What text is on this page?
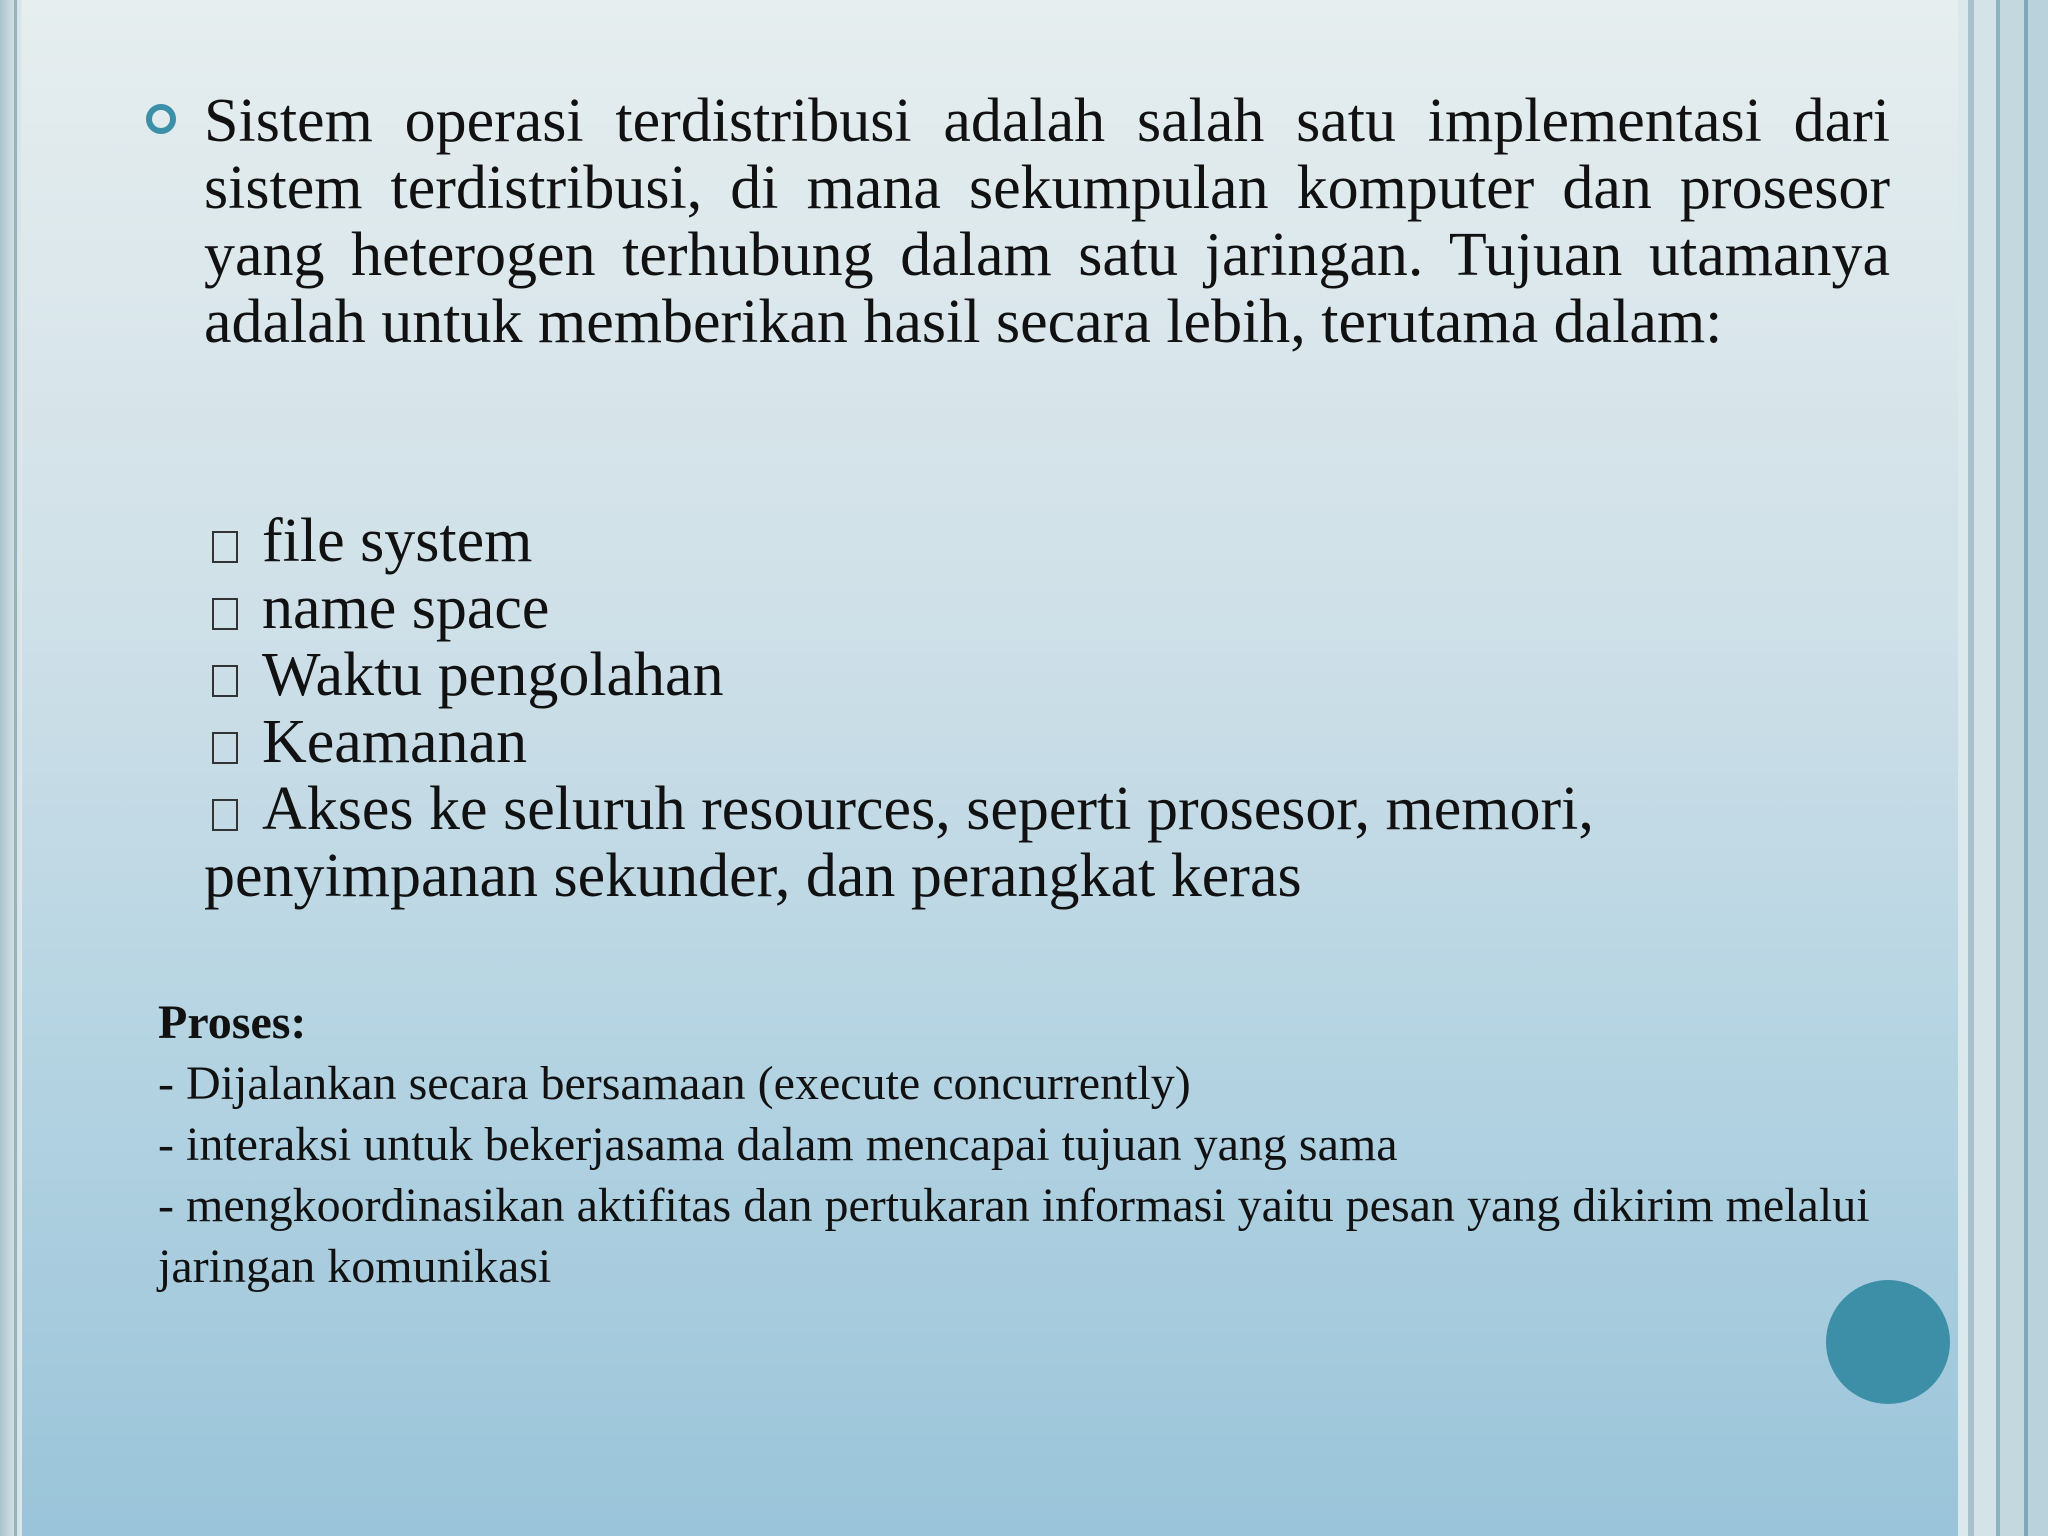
Sistem operasi terdistribusi adalah salah satu implementasi dari sistem terdistribusi, di mana sekumpulan komputer dan prosesor yang heterogen terhubung dalam satu jaringan. Tujuan utamanya adalah untuk memberikan hasil secara lebih, terutama dalam:
file system
name space
Waktu pengolahan
Keamanan
Akses ke seluruh resources, seperti prosesor, memori, penyimpanan sekunder, dan perangkat keras
Proses:
- Dijalankan secara bersamaan (execute concurrently)
- interaksi untuk bekerjasama dalam mencapai tujuan yang sama
- mengkoordinasikan aktifitas dan pertukaran informasi yaitu pesan yang dikirim melalui jaringan komunikasi
